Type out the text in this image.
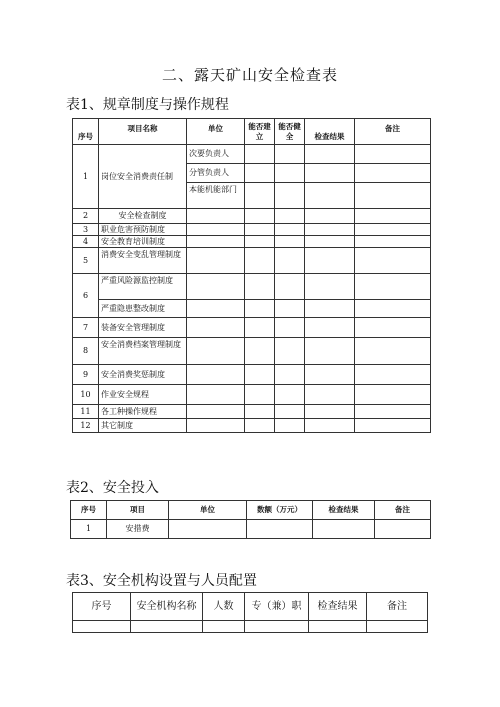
二、露天矿山安全检查表
表1、规章制度与操作规程
序号	项目名称	单位	能否建立	能否健全	检查结果	备注
1	岗位安全消费责任制	次要负责人				
		分管负责人				
		本能机能部门				
2	安全检查制度					
3	职业危害预防制度					
4	安全教育培训制度					
5	消费安全变乱管理制度					
6	严重风险源监控制度					
	严重隐患整改制度					
7	装备安全管理制度					
8	安全消费档案管理制度					
9	安全消费奖惩制度					
10	作业安全规程					
11	各工种操作规程					
12	其它制度					
表2、安全投入
序号	项目	单位	数额（万元）	检查结果	备注
1	安措费				
表3、安全机构设置与人员配置
序号	安全机构名称	人数	专（兼）职	检查结果	备注
